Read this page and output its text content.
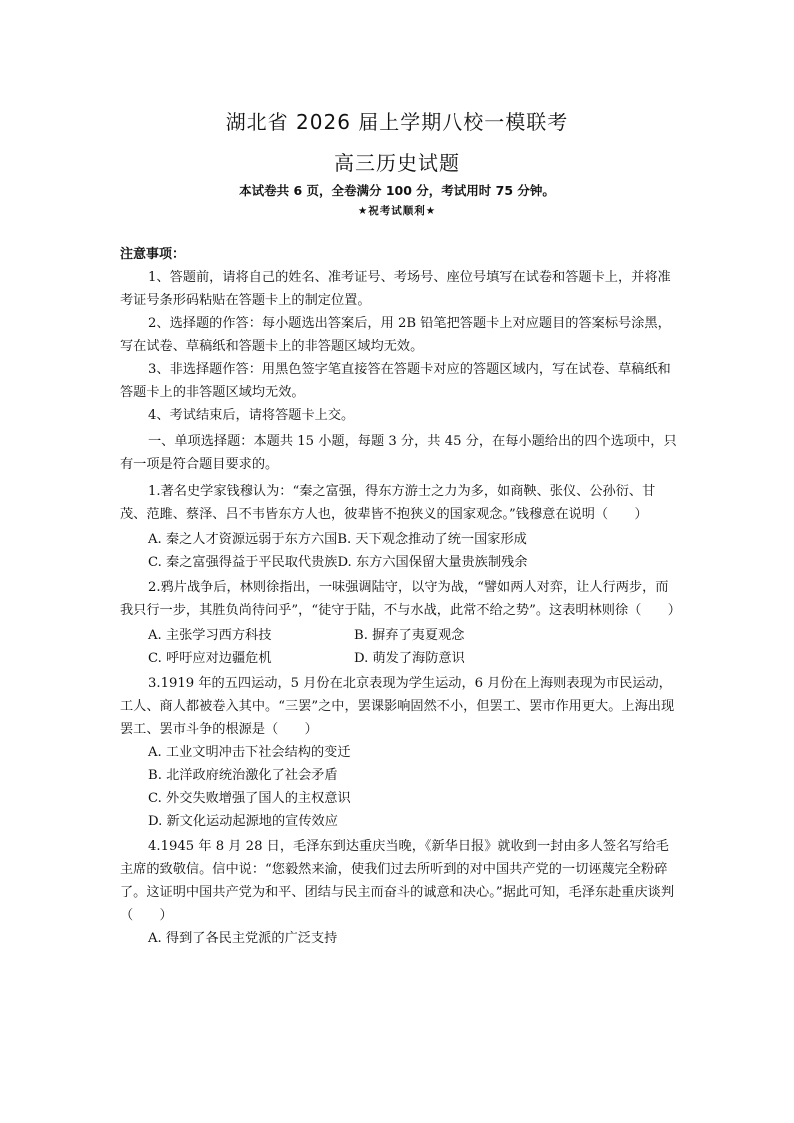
湖北省 2026 届上学期八校一模联考
高三历史试题
本试卷共 6 页，全卷满分 100 分，考试用时 75 分钟。
★祝考试顺利★
注意事项：

1、答题前，请将自己的姓名、准考证号、考场号、座位号填写在试卷和答题卡上，并将准考证号条形码粘贴在答题卡上的制定位置。

2、选择题的作答：每小题选出答案后，用 2B 铅笔把答题卡上对应题目的答案标号涂黑，写在试卷、草稿纸和答题卡上的非答题区域均无效。

3、非选择题作答：用黑色签字笔直接答在答题卡对应的答题区域内，写在试卷、草稿纸和答题卡上的非答题区域均无效。

4、考试结束后，请将答题卡上交。

一、单项选择题：本题共 15 小题，每题 3 分，共 45 分，在每小题给出的四个选项中，只有一项是符合题目要求的。

1.著名史学家钱穆认为：“秦之富强，得东方游士之力为多，如商鞅、张仪、公孙衍、甘茂、范雎、蔡泽、吕不韦皆东方人也，彼辈皆不抱狭义的国家观念。”钱穆意在说明（　　）

A. 秦之人才资源远弱于东方六国 B. 天下观念推动了统一国家形成
C. 秦之富强得益于平民取代贵族 D. 东方六国保留大量贵族制残余

2.鸦片战争后，林则徐指出，一味强调陆守，以守为战，“譬如两人对弈，让人行两步，而我只行一步，其胜负尚待问乎”，“徒守于陆，不与水战，此常不给之势”。这表明林则徐（　　）

A. 主张学习西方科技	B. 摒弃了夷夏观念
C. 呼吁应对边疆危机	D. 萌发了海防意识

3.1919 年的五四运动，5 月份在北京表现为学生运动，6 月份在上海则表现为市民运动，工人、商人都被卷入其中。“三罢”之中，罢课影响固然不小，但罢工、罢市作用更大。上海出现罢工、罢市斗争的根源是（　　）

A. 工业文明冲击下社会结构的变迁

B. 北洋政府统治激化了社会矛盾

C. 外交失败增强了国人的主权意识

D. 新文化运动起源地的宣传效应

4.1945 年 8 月 28 日，毛泽东到达重庆当晚，《新华日报》就收到一封由多人签名写给毛主席的致敬信。信中说：“您毅然来渝，使我们过去所听到的对中国共产党的一切诬蔑完全粉碎了。这证明中国共产党为和平、团结与民主而奋斗的诚意和决心。”据此可知，毛泽东赴重庆谈判（　　）

A. 得到了各民主党派的广泛支持
